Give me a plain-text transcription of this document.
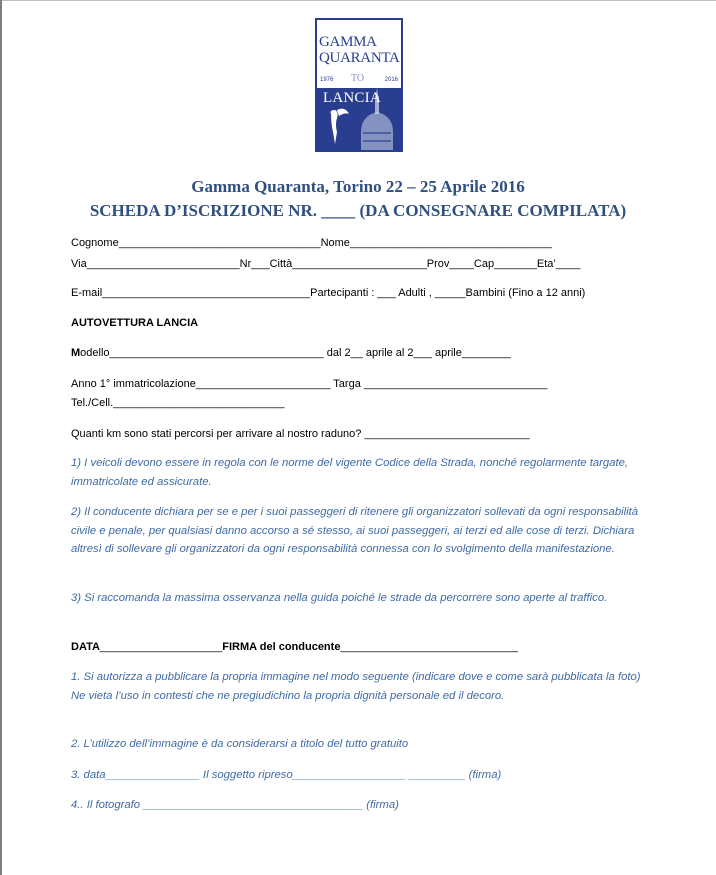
GAMMA
QUARANTA
1976 TO	2016
LANCIA
Gamma Quaranta, Torino 22 – 25 Aprile 2016
SCHEDA D’ISCRIZIONE NR. ____ (DA CONSEGNARE COMPILATA)
Cognome_________________________________Nome_________________________________
Via_________________________Nr___Città______________________Prov____Cap_______Eta’____
E-mail__________________________________Partecipanti : ___ Adulti , _____Bambini (Fino a 12 anni)
AUTOVETTURA LANCIA
Modello___________________________________ dal 2__ aprile al 2___ aprile________
Anno 1° immatricolazione______________________ Targa ______________________________
Tel./Cell.____________________________
Quanti km sono stati percorsi per arrivare al nostro raduno? ___________________________
1) I veicoli devono essere in regola con le norme del vigente Codice della Strada, nonché regolarmente targate, immatricolate ed assicurate.
2) Il conducente dichiara per se e per i suoi passeggeri di ritenere gli organizzatori sollevati da ogni responsabilità civile e penale, per qualsiasi danno accorso a sé stesso, ai suoi passeggeri, ai terzi ed alle cose di terzi. Dichiara altresì di sollevare gli organizzatori da ogni responsabilità connessa con lo svolgimento della manifestazione.
3) Si raccomanda la massima osservanza nella guida poiché le strade da percorrere sono aperte al traffico.
DATA____________________FIRMA del conducente_____________________________
1. Si autorizza a pubblicare la propria immagine nel modo seguente (indicare dove e come sarà pubblicata la foto) Ne vieta l’uso in contesti che ne pregiudichino la propria dignità personale ed il decoro.
2. L’utilizzo dell’immagine è da considerarsi a titolo del tutto gratuito
3. data_______________ Il soggetto ripreso__________________ _________ (firma)
4.. Il fotografo ___________________________________ (firma)
